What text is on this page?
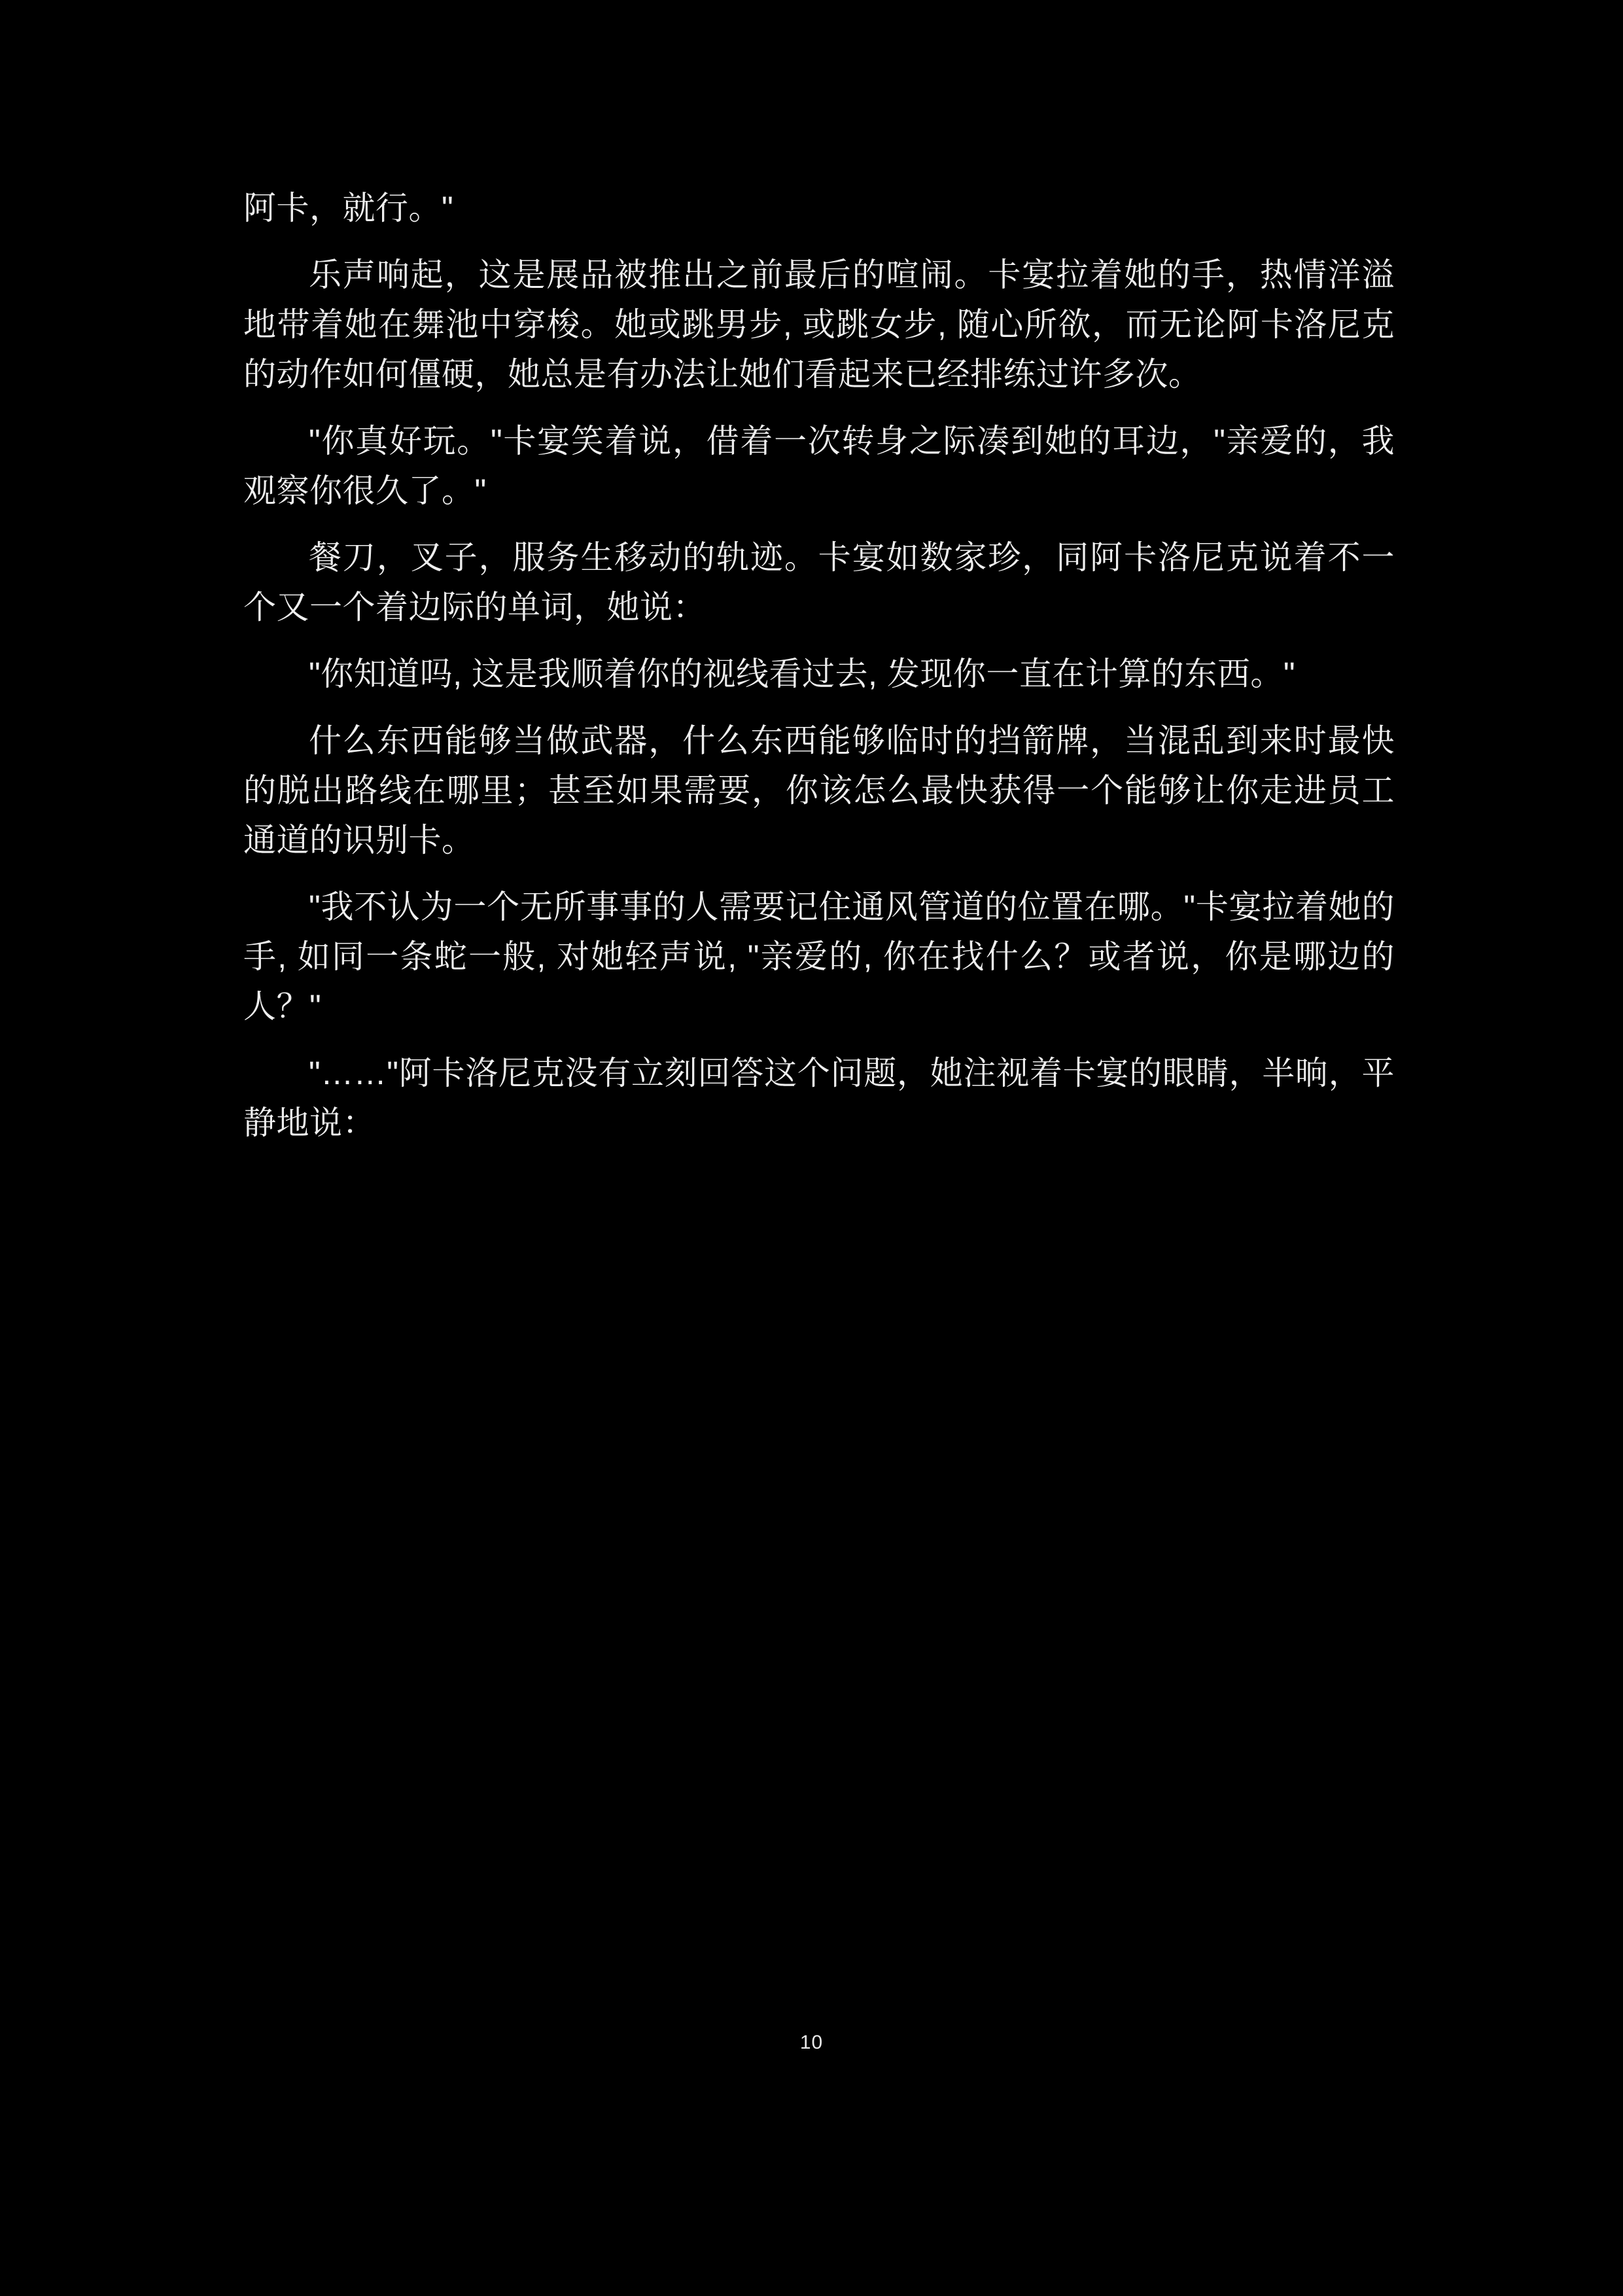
阿卡，就行。"

乐声响起，这是展品被推出之前最后的喧闹。卡宴拉着她的手，热情洋溢地带着她在舞池中穿梭。她或跳男步, 或跳女步, 随心所欲，而无论阿卡洛尼克的动作如何僵硬，她总是有办法让她们看起来已经排练过许多次。

"你真好玩。"卡宴笑着说，借着一次转身之际凑到她的耳边，"亲爱的，我观察你很久了。"

餐刀，叉子，服务生移动的轨迹。卡宴如数家珍，同阿卡洛尼克说着不一个又一个着边际的单词，她说：

"你知道吗, 这是我顺着你的视线看过去, 发现你一直在计算的东西。"

什么东西能够当做武器，什么东西能够临时的挡箭牌，当混乱到来时最快的脱出路线在哪里；甚至如果需要，你该怎么最快获得一个能够让你走进员工通道的识别卡。

"我不认为一个无所事事的人需要记住通风管道的位置在哪。"卡宴拉着她的手, 如同一条蛇一般, 对她轻声说, "亲爱的, 你在找什么？或者说，你是哪边的人？"

"……"阿卡洛尼克没有立刻回答这个问题，她注视着卡宴的眼睛，半晌，平静地说：

10
